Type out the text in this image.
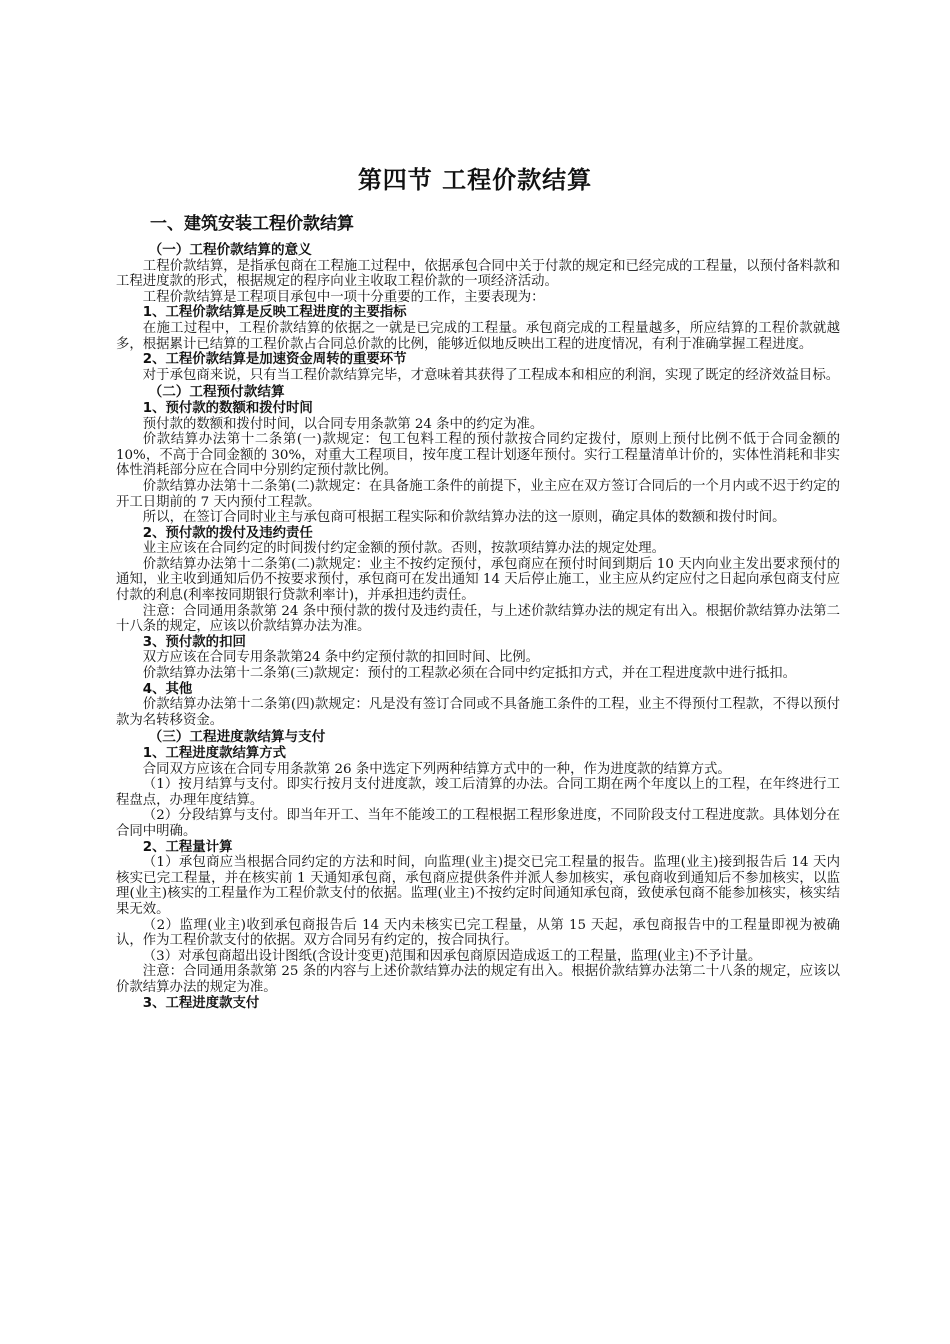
第四节 工程价款结算
一、建筑安装工程价款结算

（一）工程价款结算的意义

工程价款结算，是指承包商在工程施工过程中，依据承包合同中关于付款的规定和已经完成的工程量，以预付备料款和工程进度款的形式，根据规定的程序向业主收取工程价款的一项经济活动。

工程价款结算是工程项目承包中一项十分重要的工作，主要表现为：

1、工程价款结算是反映工程进度的主要指标

在施工过程中，工程价款结算的依据之一就是已完成的工程量。承包商完成的工程量越多，所应结算的工程价款就越多，根据累计已结算的工程价款占合同总价款的比例，能够近似地反映出工程的进度情况，有利于准确掌握工程进度。

2、工程价款结算是加速资金周转的重要环节

对于承包商来说，只有当工程价款结算完毕，才意味着其获得了工程成本和相应的利润，实现了既定的经济效益目标。

（二）工程预付款结算

1、预付款的数额和拨付时间

预付款的数额和拨付时间，以合同专用条款第 24 条中的约定为准。

价款结算办法第十二条第(一)款规定：包工包料工程的预付款按合同约定拨付，原则上预付比例不低于合同金额的 10%，不高于合同金额的 30%，对重大工程项目，按年度工程计划逐年预付。实行工程量清单计价的，实体性消耗和非实体性消耗部分应在合同中分别约定预付款比例。

价款结算办法第十二条第(二)款规定：在具备施工条件的前提下，业主应在双方签订合同后的一个月内或不迟于约定的开工日期前的 7 天内预付工程款。

所以，在签订合同时业主与承包商可根据工程实际和价款结算办法的这一原则，确定具体的数额和拨付时间。

2、预付款的拨付及违约责任

业主应该在合同约定的时间拨付约定金额的预付款。否则，按款项结算办法的规定处理。

价款结算办法第十二条第(二)款规定：业主不按约定预付，承包商应在预付时间到期后 10 天内向业主发出要求预付的通知，业主收到通知后仍不按要求预付，承包商可在发出通知 14 天后停止施工，业主应从约定应付之日起向承包商支付应付款的利息(利率按同期银行贷款利率计)，并承担违约责任。

注意：合同通用条款第 24 条中预付款的拨付及违约责任，与上述价款结算办法的规定有出入。根据价款结算办法第二十八条的规定，应该以价款结算办法为准。

3、预付款的扣回

双方应该在合同专用条款第24 条中约定预付款的扣回时间、比例。

价款结算办法第十二条第(三)款规定：预付的工程款必须在合同中约定抵扣方式，并在工程进度款中进行抵扣。

4、其他

价款结算办法第十二条第(四)款规定：凡是没有签订合同或不具备施工条件的工程，业主不得预付工程款，不得以预付款为名转移资金。

（三）工程进度款结算与支付

1、工程进度款结算方式

合同双方应该在合同专用条款第 26 条中选定下列两种结算方式中的一种，作为进度款的结算方式。

（1）按月结算与支付。即实行按月支付进度款，竣工后清算的办法。合同工期在两个年度以上的工程，在年终进行工程盘点，办理年度结算。

（2）分段结算与支付。即当年开工、当年不能竣工的工程根据工程形象进度，不同阶段支付工程进度款。具体划分在合同中明确。

2、工程量计算

（1）承包商应当根据合同约定的方法和时间，向监理(业主)提交已完工程量的报告。监理(业主)接到报告后 14 天内核实已完工程量，并在核实前 1 天通知承包商，承包商应提供条件并派人参加核实，承包商收到通知后不参加核实，以监理(业主)核实的工程量作为工程价款支付的依据。监理(业主)不按约定时间通知承包商，致使承包商不能参加核实，核实结果无效。

（2）监理(业主)收到承包商报告后 14 天内未核实已完工程量，从第 15 天起，承包商报告中的工程量即视为被确认，作为工程价款支付的依据。双方合同另有约定的，按合同执行。

（3）对承包商超出设计图纸(含设计变更)范围和因承包商原因造成返工的工程量，监理(业主)不予计量。

注意：合同通用条款第 25 条的内容与上述价款结算办法的规定有出入。根据价款结算办法第二十八条的规定，应该以价款结算办法的规定为准。

3、工程进度款支付
